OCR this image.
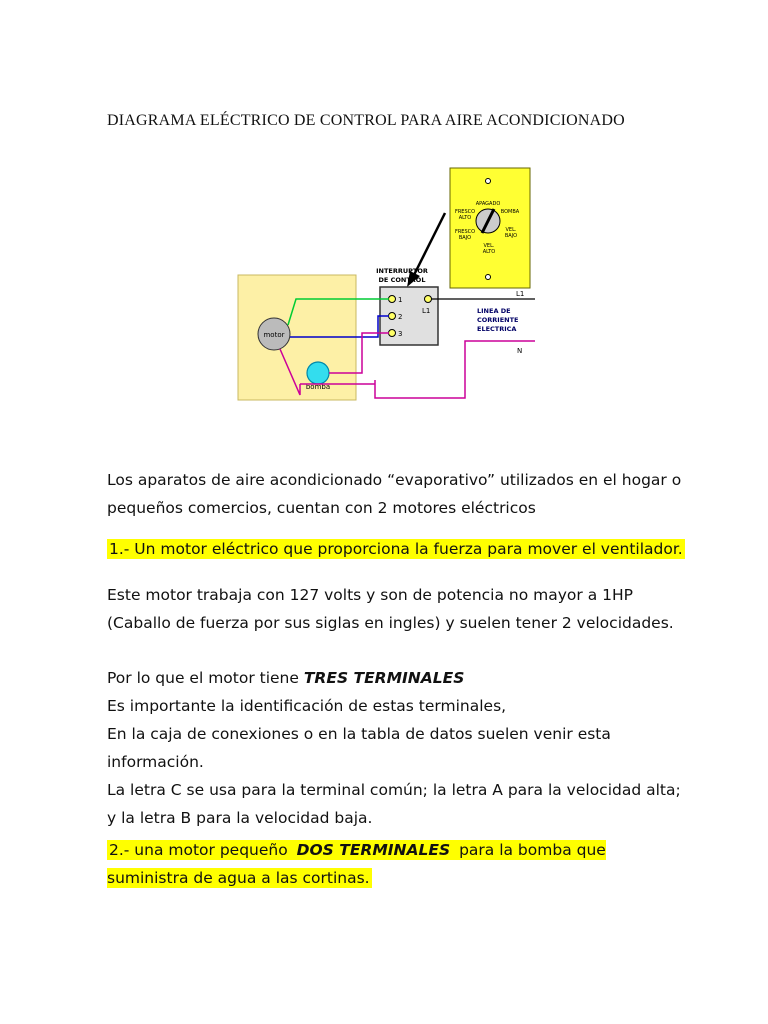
DIAGRAMA ELÉCTRICO DE CONTROL PARA AIRE ACONDICIONADO
APAGADO
BOMBA
FRESCO
ALTO
FRESCO
BAJO
VEL.
BAJO
VEL.
ALTO
INTERRUPTOR
DE CONTROL
1
2
3
L1
L1
LINEA DE
CORRIENTE
ELECTRICA
N
motor
bomba

Los aparatos de aire acondicionado “evaporativo” utilizados en el hogar o pequeños comercios, cuentan con 2 motores eléctricos

1.- Un motor eléctrico que proporciona la fuerza para mover el ventilador.

Este motor trabaja con 127 volts y son de potencia no mayor a 1HP (Caballo de fuerza por sus siglas en ingles) y suelen tener 2 velocidades.

Por lo que el motor tiene TRES TERMINALES

Es importante la identificación de estas terminales,

En la caja de conexiones o en la tabla de datos suelen venir esta información.

La letra C se usa para la terminal común; la letra A para la velocidad alta; y la letra B para la velocidad baja.

2.- una motor pequeño DOS TERMINALES para la bomba que suministra de agua a las cortinas.
